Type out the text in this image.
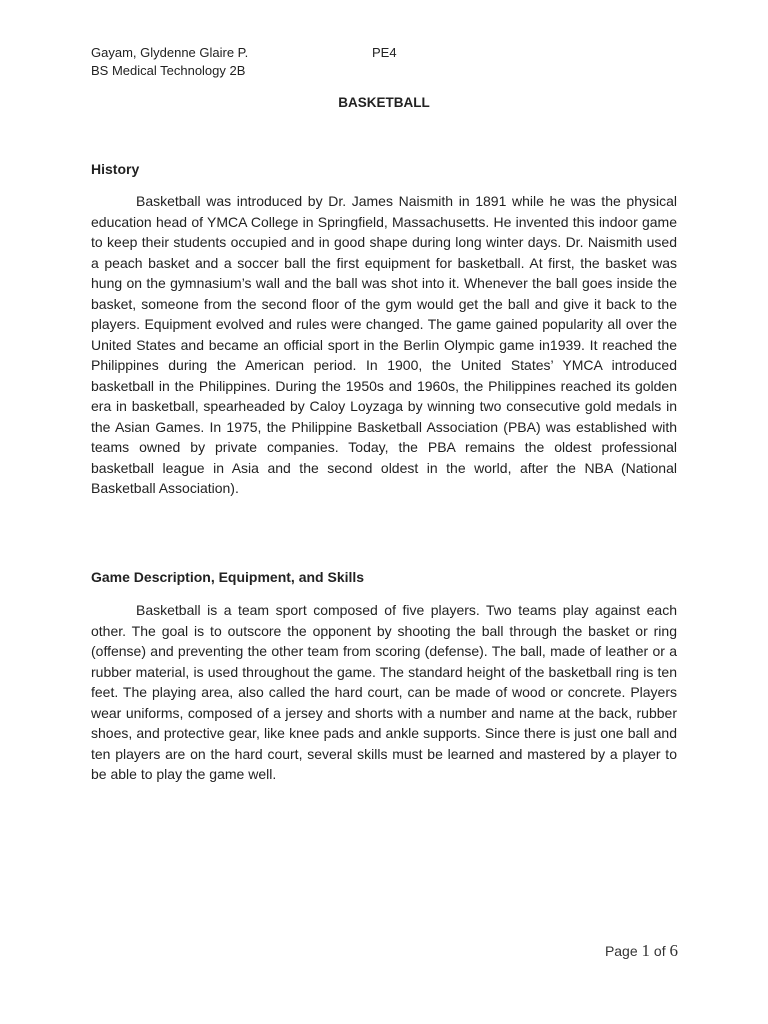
Gayam, Glydenne Glaire P.
BS Medical Technology 2B
PE4
BASKETBALL
History

Basketball was introduced by Dr. James Naismith in 1891 while he was the physical education head of YMCA College in Springfield, Massachusetts. He invented this indoor game to keep their students occupied and in good shape during long winter days. Dr. Naismith used a peach basket and a soccer ball the first equipment for basketball. At first, the basket was hung on the gymnasium’s wall and the ball was shot into it. Whenever the ball goes inside the basket, someone from the second floor of the gym would get the ball and give it back to the players. Equipment evolved and rules were changed. The game gained popularity all over the United States and became an official sport in the Berlin Olympic game in1939. It reached the Philippines during the American period. In 1900, the United States’ YMCA introduced basketball in the Philippines. During the 1950s and 1960s, the Philippines reached its golden era in basketball, spearheaded by Caloy Loyzaga by winning two consecutive gold medals in the Asian Games. In 1975, the Philippine Basketball Association (PBA) was established with teams owned by private companies. Today, the PBA remains the oldest professional basketball league in Asia and the second oldest in the world, after the NBA (National Basketball Association).

Game Description, Equipment, and Skills

Basketball is a team sport composed of five players. Two teams play against each other. The goal is to outscore the opponent by shooting the ball through the basket or ring (offense) and preventing the other team from scoring (defense). The ball, made of leather or a rubber material, is used throughout the game. The standard height of the basketball ring is ten feet. The playing area, also called the hard court, can be made of wood or concrete. Players wear uniforms, composed of a jersey and shorts with a number and name at the back, rubber shoes, and protective gear, like knee pads and ankle supports. Since there is just one ball and ten players are on the hard court, several skills must be learned and mastered by a player to be able to play the game well.

Page 1 of 6
